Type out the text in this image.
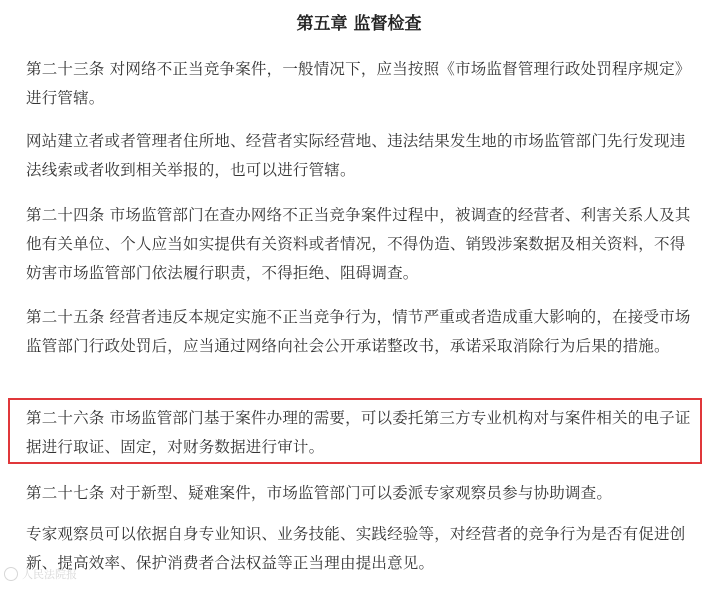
第五章 监督检查

第二十三条 对网络不正当竞争案件，一般情况下，应当按照《市场监督管理行政处罚程序规定》进行管辖。

网站建立者或者管理者住所地、经营者实际经营地、违法结果发生地的市场监管部门先行发现违法线索或者收到相关举报的，也可以进行管辖。

第二十四条 市场监管部门在查办网络不正当竞争案件过程中，被调查的经营者、利害关系人及其他有关单位、个人应当如实提供有关资料或者情况，不得伪造、销毁涉案数据及相关资料，不得妨害市场监管部门依法履行职责，不得拒绝、阻碍调查。

第二十五条 经营者违反本规定实施不正当竞争行为，情节严重或者造成重大影响的，在接受市场监管部门行政处罚后，应当通过网络向社会公开承诺整改书，承诺采取消除行为后果的措施。

第二十六条 市场监管部门基于案件办理的需要，可以委托第三方专业机构对与案件相关的电子证据进行取证、固定，对财务数据进行审计。

第二十七条 对于新型、疑难案件，市场监管部门可以委派专家观察员参与协助调查。

专家观察员可以依据自身专业知识、业务技能、实践经验等，对经营者的竞争行为是否有促进创新、提高效率、保护消费者合法权益等正当理由提出意见。

人民法院报
